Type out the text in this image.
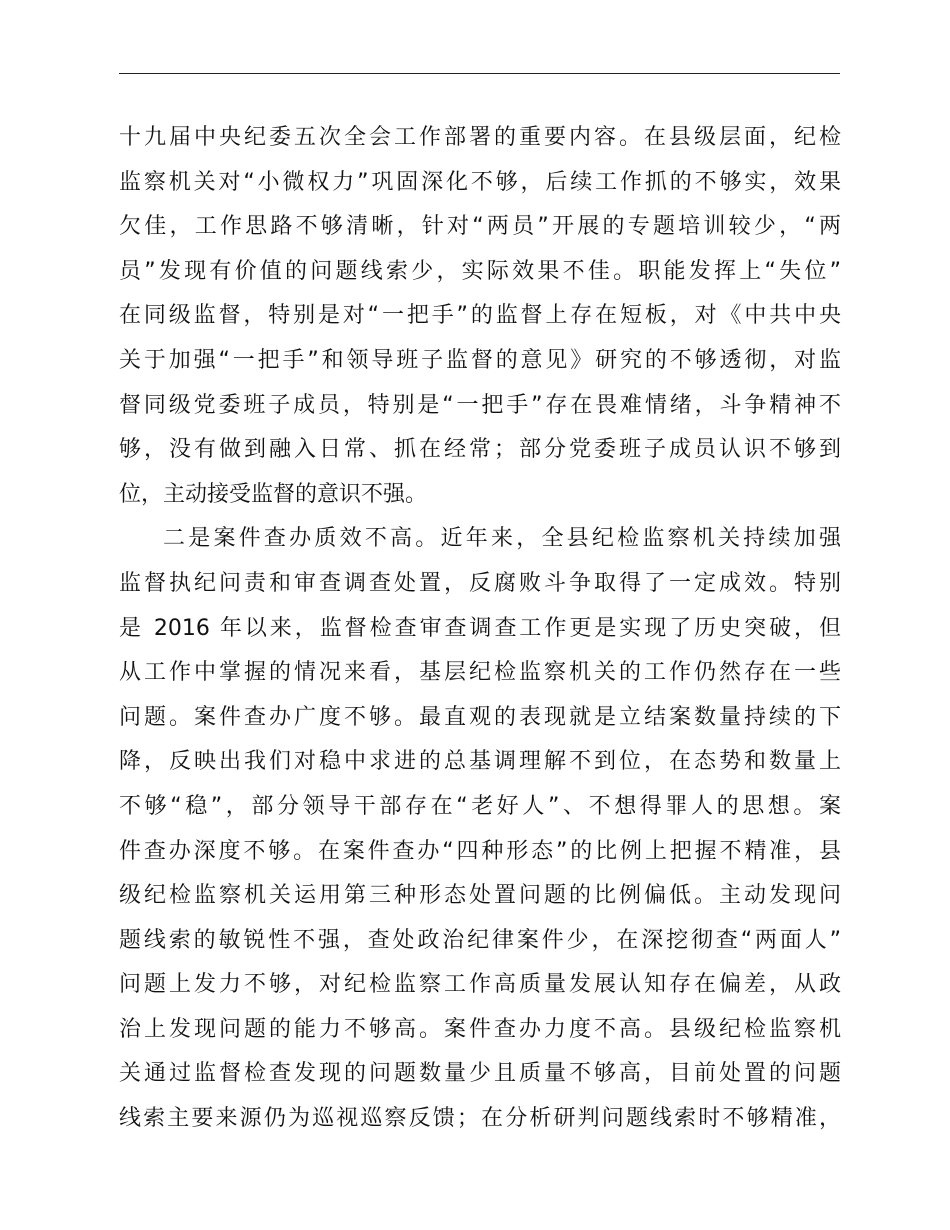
十九届中央纪委五次全会工作部署的重要内容。在县级层面，纪检
监察机关对“小微权力”巩固深化不够，后续工作抓的不够实，效果
欠佳，工作思路不够清晰，针对“两员”开展的专题培训较少，“两
员”发现有价值的问题线索少，实际效果不佳。职能发挥上“失位”
在同级监督，特别是对“一把手”的监督上存在短板，对《中共中央
关于加强“一把手”和领导班子监督的意见》研究的不够透彻，对监
督同级党委班子成员，特别是“一把手”存在畏难情绪，斗争精神不
够，没有做到融入日常、抓在经常；部分党委班子成员认识不够到
位，主动接受监督的意识不强。
二是案件查办质效不高。近年来，全县纪检监察机关持续加强
监督执纪问责和审查调查处置，反腐败斗争取得了一定成效。特别
是 2016 年以来，监督检查审查调查工作更是实现了历史突破，但
从工作中掌握的情况来看，基层纪检监察机关的工作仍然存在一些
问题。案件查办广度不够。最直观的表现就是立结案数量持续的下
降，反映出我们对稳中求进的总基调理解不到位，在态势和数量上
不够“稳”，部分领导干部存在“老好人”、不想得罪人的思想。案
件查办深度不够。在案件查办“四种形态”的比例上把握不精准，县
级纪检监察机关运用第三种形态处置问题的比例偏低。主动发现问
题线索的敏锐性不强，查处政治纪律案件少，在深挖彻查“两面人”
问题上发力不够，对纪检监察工作高质量发展认知存在偏差，从政
治上发现问题的能力不够高。案件查办力度不高。县级纪检监察机
关通过监督检查发现的问题数量少且质量不够高，目前处置的问题
线索主要来源仍为巡视巡察反馈；在分析研判问题线索时不够精准，
